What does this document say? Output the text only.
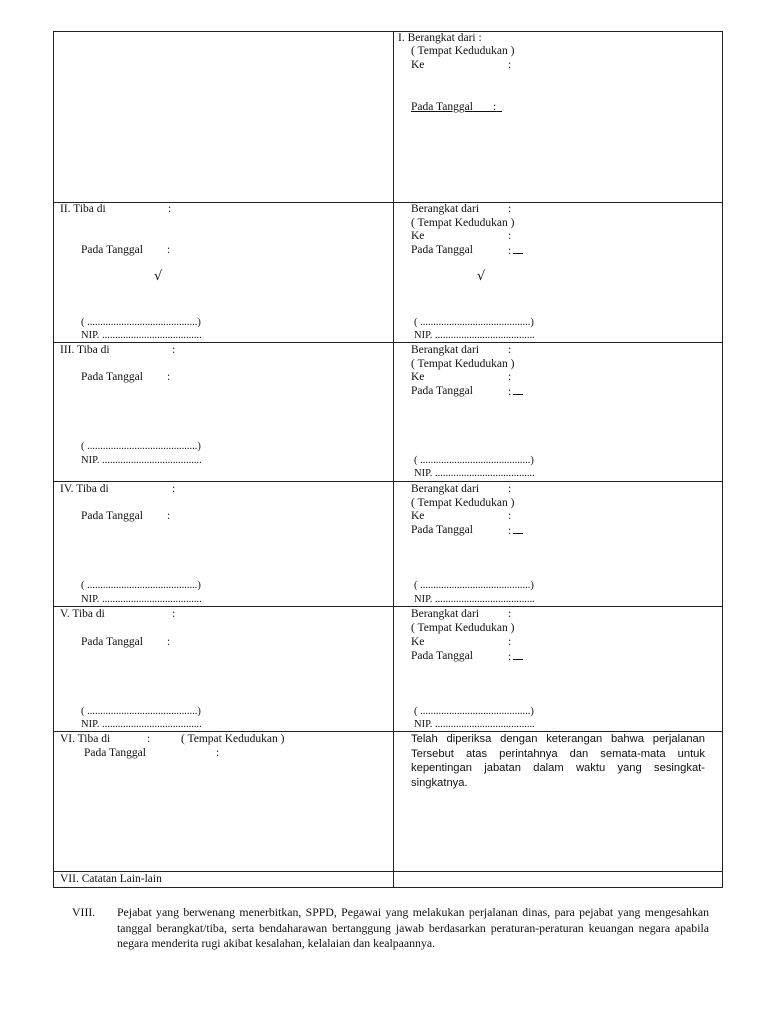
I. Berangkat dari :
( Tempat Kedudukan )
Ke	:
Pada Tanggal :
II. Tiba di	:
Pada Tanggal :
√
( ..........................................)
NIP. ......................................
Berangkat dari	:
( Tempat Kedudukan )
Ke	:
Pada Tanggal	:
√
( ..........................................)
NIP. ......................................
III. Tiba di	:
Pada Tanggal :
( ..........................................)
NIP. ......................................
Berangkat dari	:
( Tempat Kedudukan )
Ke	:
Pada Tanggal	:
( ..........................................)
NIP. ......................................
IV. Tiba di	:
Pada Tanggal :
( ..........................................)
NIP. ......................................
Berangkat dari	:
( Tempat Kedudukan )
Ke	:
Pada Tanggal	:
( ..........................................)
NIP. ......................................
V. Tiba di	:
Pada Tanggal :
( ..........................................)
NIP. ......................................
Berangkat dari	:
( Tempat Kedudukan )
Ke	:
Pada Tanggal	:
( ..........................................)
NIP. ......................................
VI. Tiba di	:	( Tempat Kedudukan )
Pada Tanggal	:
Telah diperiksa dengan keterangan bahwa perjalanan Tersebut atas perintahnya dan semata-mata untuk kepentingan jabatan dalam waktu yang sesingkat-singkatnya.
VII. Catatan Lain-lain
VIII. Pejabat yang berwenang menerbitkan, SPPD, Pegawai yang melakukan perjalanan dinas, para pejabat yang mengesahkan tanggal berangkat/tiba, serta bendaharawan bertanggung jawab berdasarkan peraturan-peraturan keuangan negara apabila negara menderita rugi akibat kesalahan, kelalaian dan kealpaannya.
